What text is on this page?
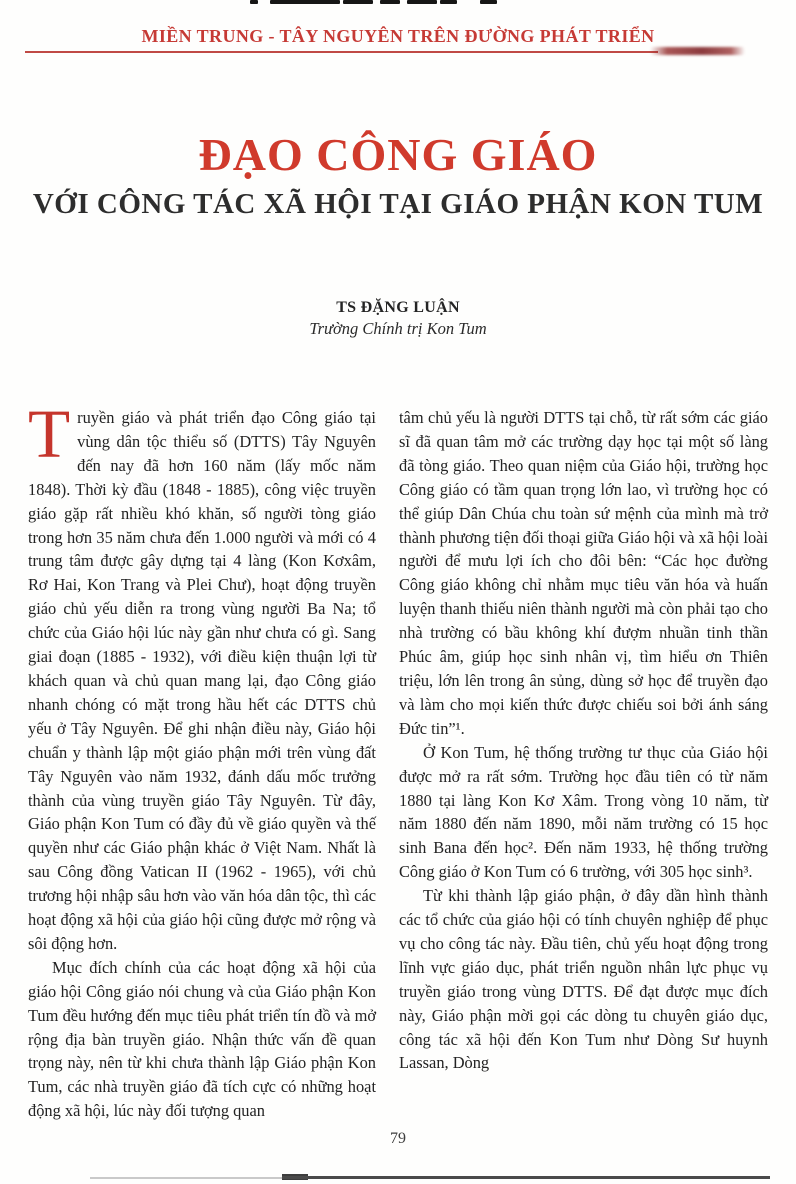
MIỀN TRUNG - TÂY NGUYÊN TRÊN ĐƯỜNG PHÁT TRIỂN
ĐẠO CÔNG GIÁO
VỚI CÔNG TÁC XÃ HỘI TẠI GIÁO PHẬN KON TUM
TS ĐẶNG LUẬN
Trường Chính trị Kon Tum

Truyền giáo và phát triển đạo Công giáo tại vùng dân tộc thiểu số (DTTS) Tây Nguyên đến nay đã hơn 160 năm (lấy mốc năm 1848). Thời kỳ đầu (1848 - 1885), công việc truyền giáo gặp rất nhiều khó khăn, số người tòng giáo trong hơn 35 năm chưa đến 1.000 người và mới có 4 trung tâm được gây dựng tại 4 làng (Kon Kơxâm, Rơ Hai, Kon Trang và Plei Chư), hoạt động truyền giáo chủ yếu diễn ra trong vùng người Ba Na; tổ chức của Giáo hội lúc này gần như chưa có gì. Sang giai đoạn (1885 - 1932), với điều kiện thuận lợi từ khách quan và chủ quan mang lại, đạo Công giáo nhanh chóng có mặt trong hầu hết các DTTS chủ yếu ở Tây Nguyên. Để ghi nhận điều này, Giáo hội chuẩn y thành lập một giáo phận mới trên vùng đất Tây Nguyên vào năm 1932, đánh dấu mốc trưởng thành của vùng truyền giáo Tây Nguyên. Từ đây, Giáo phận Kon Tum có đầy đủ về giáo quyền và thế quyền như các Giáo phận khác ở Việt Nam. Nhất là sau Công đồng Vatican II (1962 - 1965), với chủ trương hội nhập sâu hơn vào văn hóa dân tộc, thì các hoạt động xã hội của giáo hội cũng được mở rộng và sôi động hơn.

Mục đích chính của các hoạt động xã hội của giáo hội Công giáo nói chung và của Giáo phận Kon Tum đều hướng đến mục tiêu phát triển tín đồ và mở rộng địa bàn truyền giáo. Nhận thức vấn đề quan trọng này, nên từ khi chưa thành lập Giáo phận Kon Tum, các nhà truyền giáo đã tích cực có những hoạt động xã hội, lúc này đối tượng quan

tâm chủ yếu là người DTTS tại chỗ, từ rất sớm các giáo sĩ đã quan tâm mở các trường dạy học tại một số làng đã tòng giáo. Theo quan niệm của Giáo hội, trường học Công giáo có tầm quan trọng lớn lao, vì trường học có thể giúp Dân Chúa chu toàn sứ mệnh của mình mà trở thành phương tiện đối thoại giữa Giáo hội và xã hội loài người để mưu lợi ích cho đôi bên: “Các học đường Công giáo không chỉ nhằm mục tiêu văn hóa và huấn luyện thanh thiếu niên thành người mà còn phải tạo cho nhà trường có bầu không khí đượm nhuần tinh thần Phúc âm, giúp học sinh nhân vị, tìm hiểu ơn Thiên triệu, lớn lên trong ân sủng, dùng sở học để truyền đạo và làm cho mọi kiến thức được chiếu soi bởi ánh sáng Đức tin”¹.

Ở Kon Tum, hệ thống trường tư thục của Giáo hội được mở ra rất sớm. Trường học đầu tiên có từ năm 1880 tại làng Kon Kơ Xâm. Trong vòng 10 năm, từ năm 1880 đến năm 1890, mỗi năm trường có 15 học sinh Bana đến học². Đến năm 1933, hệ thống trường Công giáo ở Kon Tum có 6 trường, với 305 học sinh³.

Từ khi thành lập giáo phận, ở đây dần hình thành các tổ chức của giáo hội có tính chuyên nghiệp để phục vụ cho công tác này. Đầu tiên, chủ yếu hoạt động trong lĩnh vực giáo dục, phát triển nguồn nhân lực phục vụ truyền giáo trong vùng DTTS. Để đạt được mục đích này, Giáo phận mời gọi các dòng tu chuyên giáo dục, công tác xã hội đến Kon Tum như Dòng Sư huynh Lassan, Dòng

79
